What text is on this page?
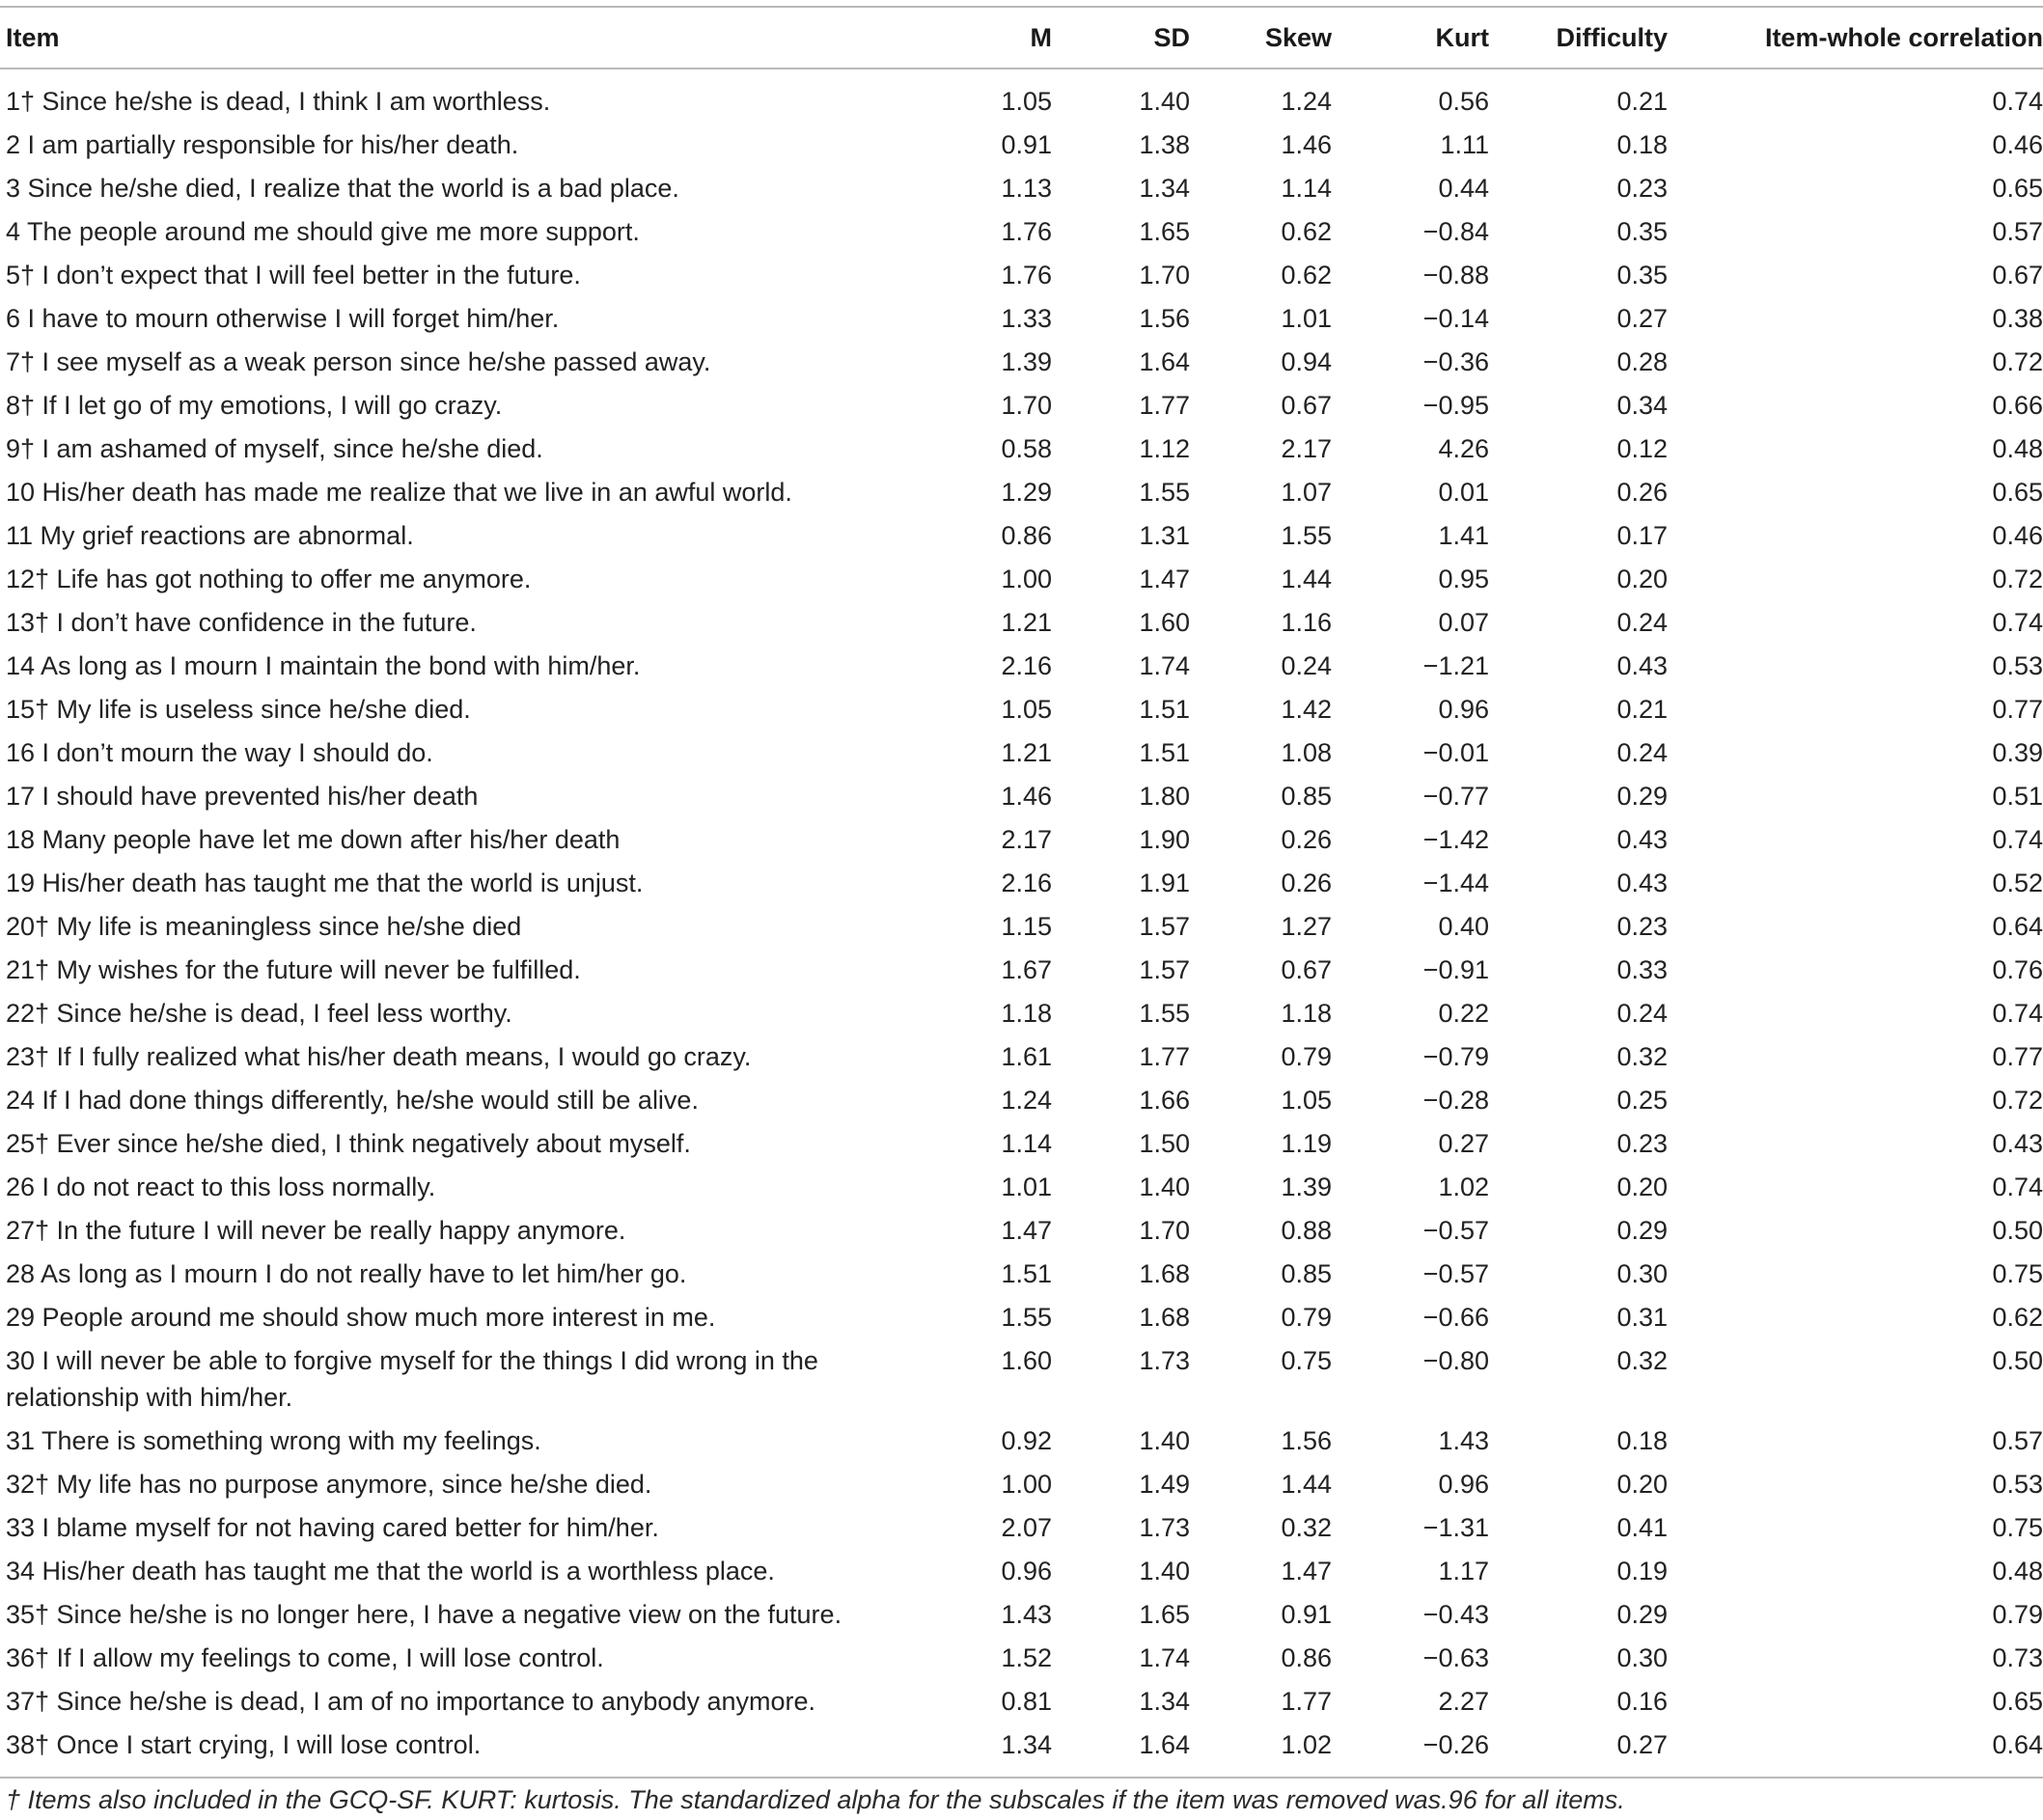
Item	M	SD	Skew	Kurt	Difficulty	Item-whole correlation
1† Since he/she is dead, I think I am worthless.	1.05	1.40	1.24	0.56	0.21	0.74
2 I am partially responsible for his/her death.	0.91	1.38	1.46	1.11	0.18	0.46
3 Since he/she died, I realize that the world is a bad place.	1.13	1.34	1.14	0.44	0.23	0.65
4 The people around me should give me more support.	1.76	1.65	0.62	−0.84	0.35	0.57
5† I don’t expect that I will feel better in the future.	1.76	1.70	0.62	−0.88	0.35	0.67
6 I have to mourn otherwise I will forget him/her.	1.33	1.56	1.01	−0.14	0.27	0.38
7† I see myself as a weak person since he/she passed away.	1.39	1.64	0.94	−0.36	0.28	0.72
8† If I let go of my emotions, I will go crazy.	1.70	1.77	0.67	−0.95	0.34	0.66
9† I am ashamed of myself, since he/she died.	0.58	1.12	2.17	4.26	0.12	0.48
10 His/her death has made me realize that we live in an awful world.	1.29	1.55	1.07	0.01	0.26	0.65
11 My grief reactions are abnormal.	0.86	1.31	1.55	1.41	0.17	0.46
12† Life has got nothing to offer me anymore.	1.00	1.47	1.44	0.95	0.20	0.72
13† I don’t have confidence in the future.	1.21	1.60	1.16	0.07	0.24	0.74
14 As long as I mourn I maintain the bond with him/her.	2.16	1.74	0.24	−1.21	0.43	0.53
15† My life is useless since he/she died.	1.05	1.51	1.42	0.96	0.21	0.77
16 I don’t mourn the way I should do.	1.21	1.51	1.08	−0.01	0.24	0.39
17 I should have prevented his/her death	1.46	1.80	0.85	−0.77	0.29	0.51
18 Many people have let me down after his/her death	2.17	1.90	0.26	−1.42	0.43	0.74
19 His/her death has taught me that the world is unjust.	2.16	1.91	0.26	−1.44	0.43	0.52
20† My life is meaningless since he/she died	1.15	1.57	1.27	0.40	0.23	0.64
21† My wishes for the future will never be fulfilled.	1.67	1.57	0.67	−0.91	0.33	0.76
22† Since he/she is dead, I feel less worthy.	1.18	1.55	1.18	0.22	0.24	0.74
23† If I fully realized what his/her death means, I would go crazy.	1.61	1.77	0.79	−0.79	0.32	0.77
24 If I had done things differently, he/she would still be alive.	1.24	1.66	1.05	−0.28	0.25	0.72
25† Ever since he/she died, I think negatively about myself.	1.14	1.50	1.19	0.27	0.23	0.43
26 I do not react to this loss normally.	1.01	1.40	1.39	1.02	0.20	0.74
27† In the future I will never be really happy anymore.	1.47	1.70	0.88	−0.57	0.29	0.50
28 As long as I mourn I do not really have to let him/her go.	1.51	1.68	0.85	−0.57	0.30	0.75
29 People around me should show much more interest in me.	1.55	1.68	0.79	−0.66	0.31	0.62
30 I will never be able to forgive myself for the things I did wrong in the relationship with him/her.	1.60	1.73	0.75	−0.80	0.32	0.50
31 There is something wrong with my feelings.	0.92	1.40	1.56	1.43	0.18	0.57
32† My life has no purpose anymore, since he/she died.	1.00	1.49	1.44	0.96	0.20	0.53
33 I blame myself for not having cared better for him/her.	2.07	1.73	0.32	−1.31	0.41	0.75
34 His/her death has taught me that the world is a worthless place.	0.96	1.40	1.47	1.17	0.19	0.48
35† Since he/she is no longer here, I have a negative view on the future.	1.43	1.65	0.91	−0.43	0.29	0.79
36† If I allow my feelings to come, I will lose control.	1.52	1.74	0.86	−0.63	0.30	0.73
37† Since he/she is dead, I am of no importance to anybody anymore.	0.81	1.34	1.77	2.27	0.16	0.65
38† Once I start crying, I will lose control.	1.34	1.64	1.02	−0.26	0.27	0.64
† Items also included in the GCQ-SF. KURT: kurtosis. The standardized alpha for the subscales if the item was removed was.96 for all items.
